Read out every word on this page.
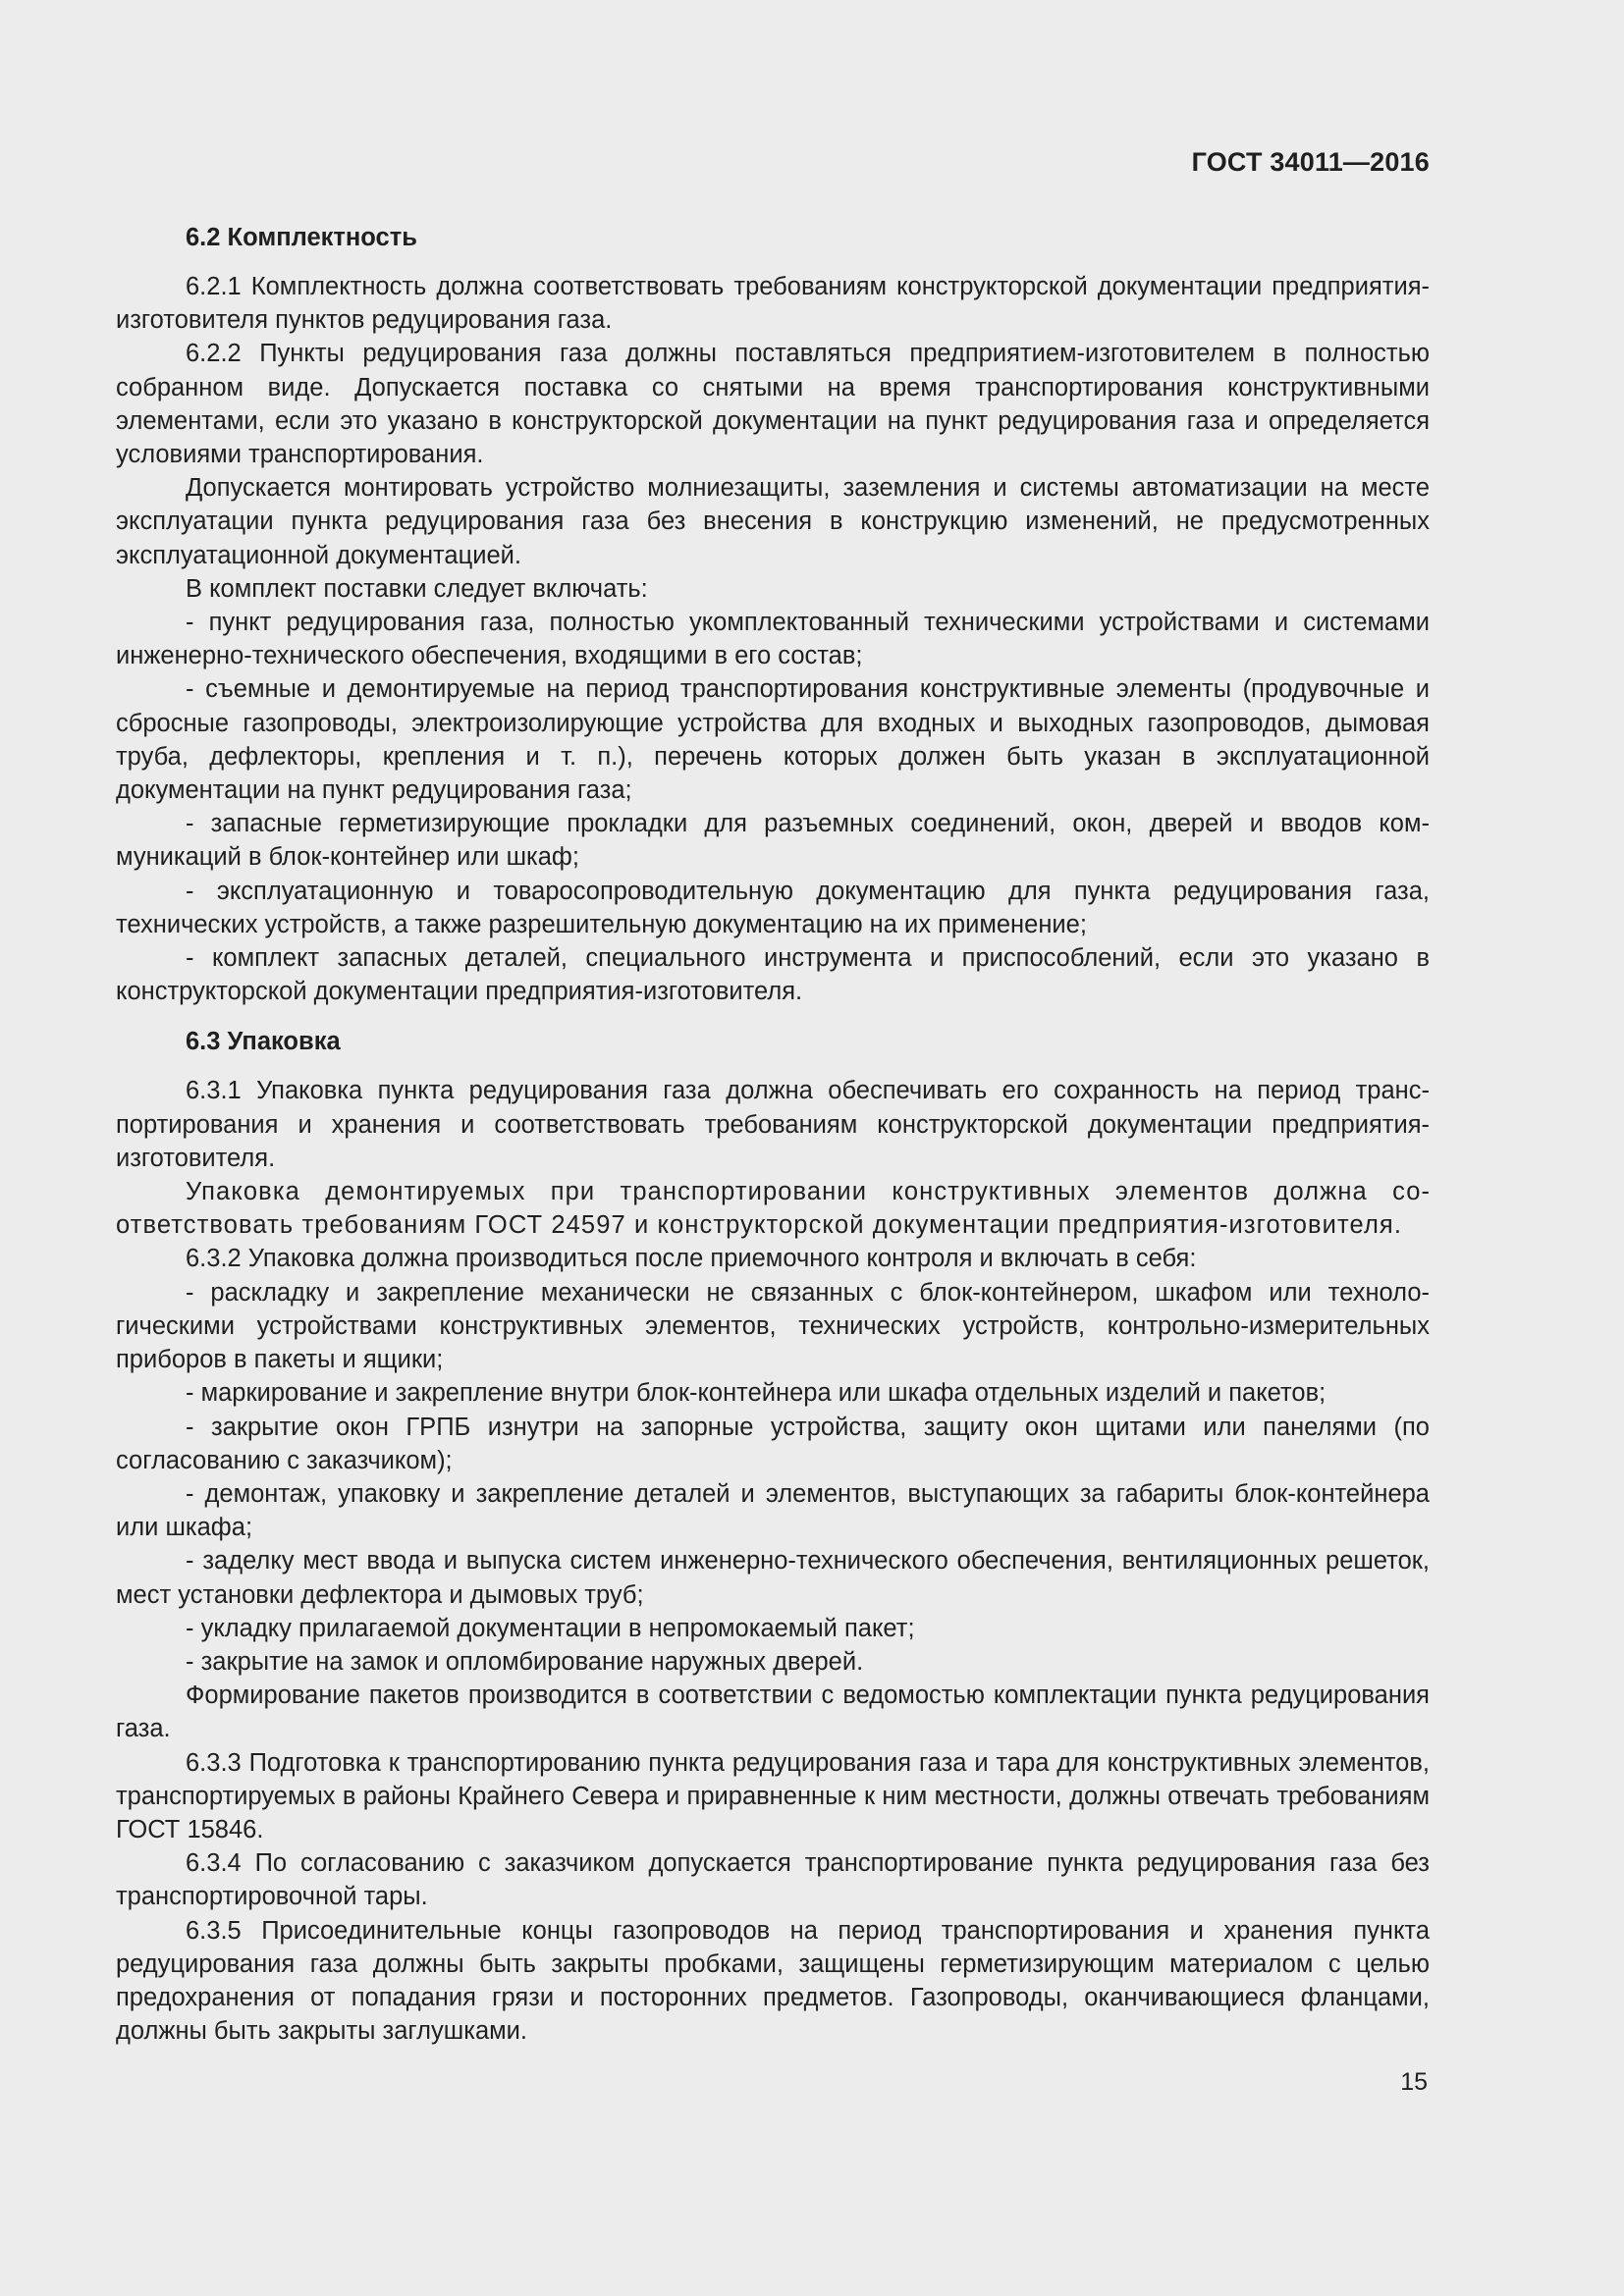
ГОСТ 34011—2016
6.2 Комплектность

6.2.1 Комплектность должна соответствовать требованиям конструкторской документации предприятия-изготовителя пунктов редуцирования газа.

6.2.2 Пункты редуцирования газа должны поставляться предприятием-изготовителем в полностью собранном виде. Допускается поставка со снятыми на время транспортирования конструктивными элементами, если это указано в конструкторской документации на пункт редуцирования газа и определяется условиями транспортирования.

Допускается монтировать устройство молниезащиты, заземления и системы автоматизации на месте эксплуатации пункта редуцирования газа без внесения в конструкцию изменений, не предусмотренных эксплуатационной документацией.

В комплект поставки следует включать:

- пункт редуцирования газа, полностью укомплектованный техническими устройствами и системами инженерно-технического обеспечения, входящими в его состав;

- съемные и демонтируемые на период транспортирования конструктивные элементы (продувочные и сбросные газопроводы, электроизолирующие устройства для входных и выходных газопроводов, дымовая труба, дефлекторы, крепления и т. п.), перечень которых должен быть указан в эксплуатационной документации на пункт редуцирования газа;

- запасные герметизирующие прокладки для разъемных соединений, окон, дверей и вводов коммуникаций в блок-контейнер или шкаф;

- эксплуатационную и товаросопроводительную документацию для пункта редуцирования газа, технических устройств, а также разрешительную документацию на их применение;

- комплект запасных деталей, специального инструмента и приспособлений, если это указано в конструкторской документации предприятия-изготовителя.

6.3 Упаковка

6.3.1 Упаковка пункта редуцирования газа должна обеспечивать его сохранность на период транспортирования и хранения и соответствовать требованиям конструкторской документации предприятия-изготовителя.

Упаковка демонтируемых при транспортировании конструктивных элементов должна соответствовать требованиям ГОСТ 24597 и конструкторской документации предприятия-изготовителя.

6.3.2 Упаковка должна производиться после приемочного контроля и включать в себя:

- раскладку и закрепление механически не связанных с блок-контейнером, шкафом или технологическими устройствами конструктивных элементов, технических устройств, контрольно-измерительных приборов в пакеты и ящики;

- маркирование и закрепление внутри блок-контейнера или шкафа отдельных изделий и пакетов;

- закрытие окон ГРПБ изнутри на запорные устройства, защиту окон щитами или панелями (по согласованию с заказчиком);

- демонтаж, упаковку и закрепление деталей и элементов, выступающих за габариты блок-контейнера или шкафа;

- заделку мест ввода и выпуска систем инженерно-технического обеспечения, вентиляционных решеток, мест установки дефлектора и дымовых труб;

- укладку прилагаемой документации в непромокаемый пакет;

- закрытие на замок и опломбирование наружных дверей.

Формирование пакетов производится в соответствии с ведомостью комплектации пункта редуцирования газа.

6.3.3 Подготовка к транспортированию пункта редуцирования газа и тара для конструктивных элементов, транспортируемых в районы Крайнего Севера и приравненные к ним местности, должны отвечать требованиям ГОСТ 15846.

6.3.4 По согласованию с заказчиком допускается транспортирование пункта редуцирования газа без транспортировочной тары.

6.3.5 Присоединительные концы газопроводов на период транспортирования и хранения пункта редуцирования газа должны быть закрыты пробками, защищены герметизирующим материалом с целью предохранения от попадания грязи и посторонних предметов. Газопроводы, оканчивающиеся фланцами, должны быть закрыты заглушками.

15
